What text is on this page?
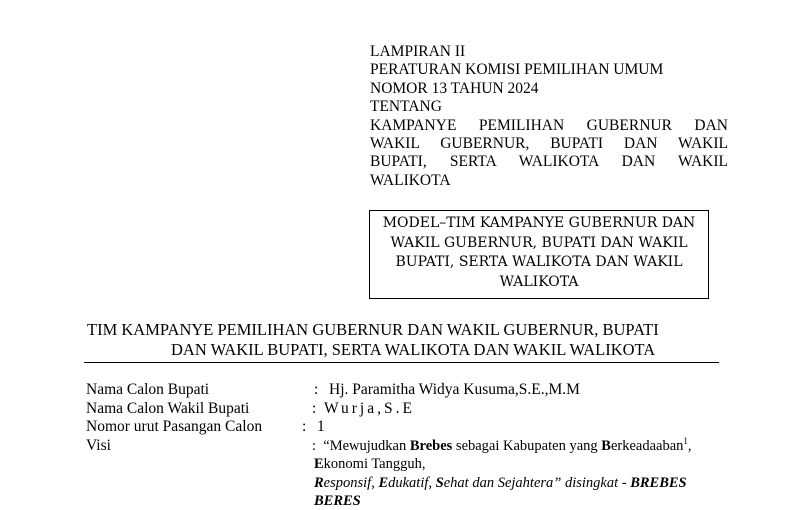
LAMPIRAN II
PERATURAN KOMISI PEMILIHAN UMUM
NOMOR 13 TAHUN 2024
TENTANG
KAMPANYE PEMILIHAN GUBERNUR DAN
WAKIL GUBERNUR, BUPATI DAN WAKIL
BUPATI, SERTA WALIKOTA DAN WAKIL
WALIKOTA
MODEL–TIM KAMPANYE GUBERNUR DAN
WAKIL GUBERNUR, BUPATI DAN WAKIL
BUPATI, SERTA WALIKOTA DAN WAKIL
WALIKOTA
TIM KAMPANYE PEMILIHAN GUBERNUR DAN WAKIL GUBERNUR, BUPATI
DAN WAKIL BUPATI, SERTA WALIKOTA DAN WAKIL WALIKOTA
Nama Calon Bupati	: Hj. Paramitha Widya Kusuma,S.E.,M.M
Nama Calon Wakil Bupati	: Wurja,S.E
Nomor urut Pasangan Calon	: 1
Visi	: “Mewujudkan Brebes sebagai Kabupaten yang Berkeadaaban$^1$,
Ekonomi Tangguh,
Responsif, Edukatif, Sehat dan Sejahtera” disingkat - BREBES
BERES
